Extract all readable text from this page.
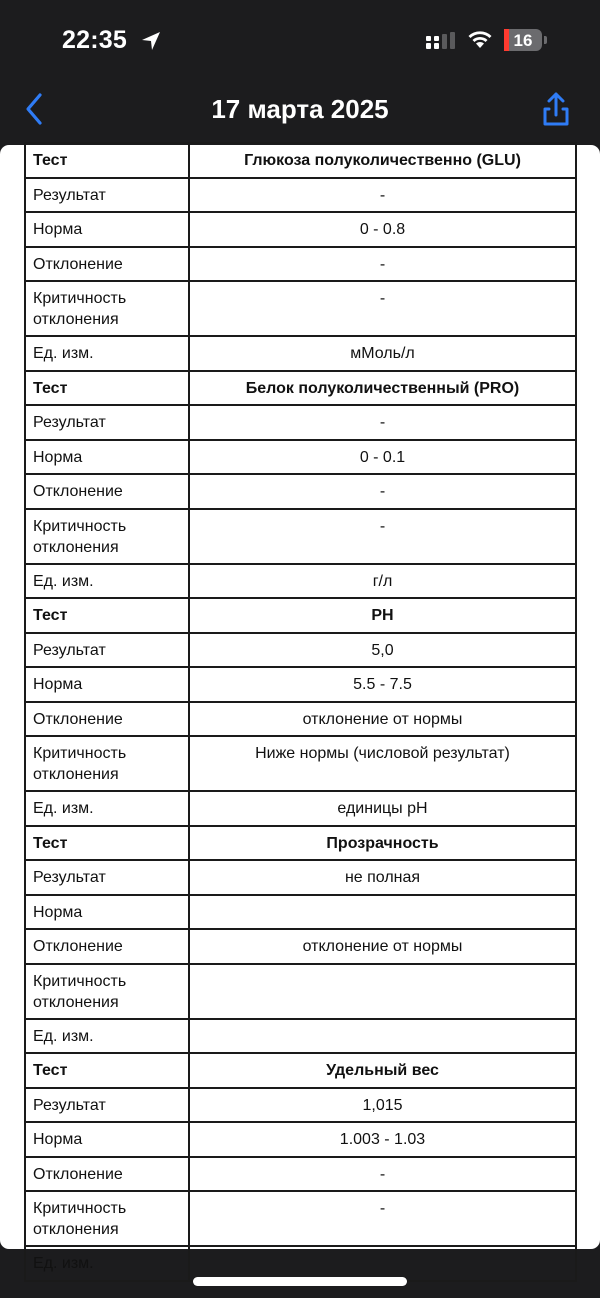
22:35	16
17 марта 2025
Тест	Глюкоза полуколичественно (GLU)
Результат	-
Норма	0 - 0.8
Отклонение	-
Критичность отклонения	-
Ед. изм.	мМоль/л
Тест	Белок полуколичественный (PRO)
Результат	-
Норма	0 - 0.1
Отклонение	-
Критичность отклонения	-
Ед. изм.	г/л
Тест	PH
Результат	5,0
Норма	5.5 - 7.5
Отклонение	отклонение от нормы
Критичность отклонения	Ниже нормы (числовой результат)
Ед. изм.	единицы pH
Тест	Прозрачность
Результат	не полная
Норма	
Отклонение	отклонение от нормы
Критичность отклонения	
Ед. изм.	
Тест	Удельный вес
Результат	1,015
Норма	1.003 - 1.03
Отклонение	-
Критичность отклонения	-
Ед. изм.	
